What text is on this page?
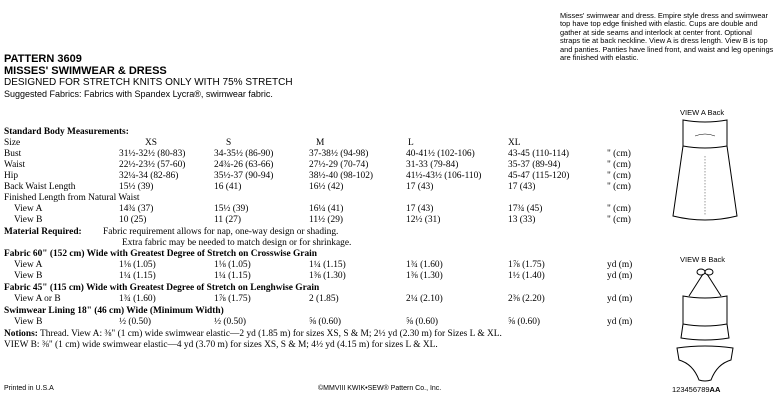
Misses' swimwear and dress. Empire style dress and swimwear top have top edge finished with elastic. Cups are double and gather at side seams and interlock at center front. Optional straps tie at back neckline. View A is dress length. View B is top and panties. Panties have lined front, and waist and leg openings are finished with elastic.
PATTERN 3609
MISSES' SWIMWEAR & DRESS
DESIGNED FOR STRETCH KNITS ONLY WITH 75% STRETCH
Suggested Fabrics: Fabrics with Spandex Lycra®, swimwear fabric.
Standard Body Measurements:
Size	XS	S	M	L	XL
Bust	31½-32½ (80-83)	34-35½ (86-90)	37-38½ (94-98)	40-41½ (102-106)	43-45 (110-114)	" (cm)
Waist	22½-23½ (57-60)	24¾-26 (63-66)	27½-29 (70-74)	31-33 (79-84)	35-37 (89-94)	" (cm)
Hip	32¼-34 (82-86)	35½-37 (90-94)	38½-40 (98-102)	41½-43½ (106-110)	45-47 (115-120)	" (cm)
Back Waist Length	15½ (39)	16 (41)	16½ (42)	17 (43)	17 (43)	" (cm)
Finished Length from Natural Waist
View A	14¾ (37)	15½ (39)	16¼ (41)	17 (43)	17¾ (45)	" (cm)
View B	10 (25)	11 (27)	11½ (29)	12½ (31)	13 (33)	" (cm)
Material Required: Fabric requirement allows for nap, one-way design or shading.
Extra fabric may be needed to match design or for shrinkage.
Fabric 60" (152 cm) Wide with Greatest Degree of Stretch on Crosswise Grain
View A	1⅛ (1.05)	1⅛ (1.05)	1¼ (1.15)	1¾ (1.60)	1⅞ (1.75)	yd (m)
View B	1¼ (1.15)	1¼ (1.15)	1⅜ (1.30)	1⅜ (1.30)	1½ (1.40)	yd (m)
Fabric 45" (115 cm) Wide with Greatest Degree of Stretch on Lenghwise Grain
View A or B	1¾ (1.60)	1⅞ (1.75)	2 (1.85)	2¼ (2.10)	2⅜ (2.20)	yd (m)
Swimwear Lining 18" (46 cm) Wide (Minimum Width)
View B	½ (0.50)	½ (0.50)	⅝ (0.60)	⅝ (0.60)	⅝ (0.60)	yd (m)
Notions: Thread. View A: ⅜" (1 cm) wide swimwear elastic—2 yd (1.85 m) for sizes XS, S & M; 2½ yd (2.30 m) for Sizes L & XL.
VIEW B: ⅜" (1 cm) wide swimwear elastic—4 yd (3.70 m) for sizes XS, S & M; 4½ yd (4.15 m) for sizes L & XL.
VIEW A Back
VIEW B Back
Printed in U.S.A	©MMVIII KWIK•SEW® Pattern Co., Inc.	123456789AA
